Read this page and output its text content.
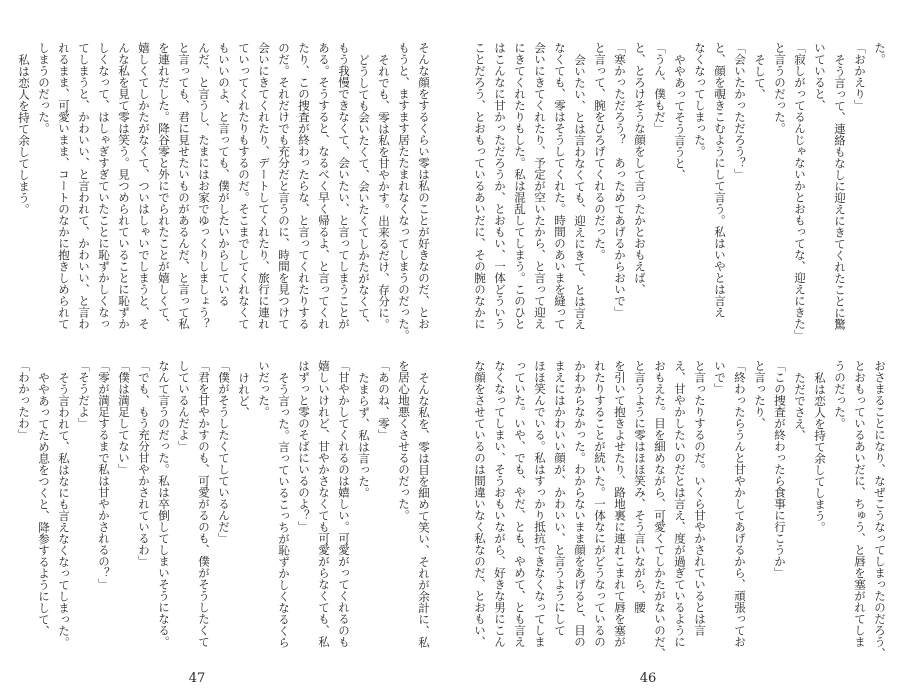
た。

「おかえり」

そう言って、連絡もなしに迎えにきてくれたことに驚

いていると、

「寂しがってるんじゃないかとおもってな、迎えにきた」

と言うのだった。

そして、

「会いたかっただろう？」

と、顔を覗きこむようにして言う。私はいやとは言え

なくなってしまった。

ややあってそう言うと、

「うん、僕もだ」

と、とろけそうな顔をして言ったかとおもえば、

「寒かっただろう？　あっためてあげるからおいで」

と言って、腕をひろげてくれるのだった。

会いたい、とは言わなくても、迎えにきて、とは言え

なくても、零はそうしてくれた。時間のあいまを縫って

会いにきてくれたり、予定が空いたから、と言って迎え

にきてくれたりもした。私は混乱してしまう。このひと

はこんなに甘かっただろうか、とおもい、一体どういう

ことだろう、とおもっているあいだに、その腕のなかに

おさまることになり、なぜこうなってしまったのだろう、

とおもっているあいだに、ちゅう、と唇を塞がれてしま

うのだった。

私は恋人を持て余してしまう。

ただでさえ、

「この捜査が終わったら食事に行こうか」

と言ったり、

「終わったらうんと甘やかしてあげるから、頑張ってお

いで」

と言ったりするのだ。いくら甘やかされているとは言

え、甘やかしたいのだとは言え、度が過ぎているように

おもえた。目を細めながら、可愛くてしかたがないのだ、

と言うように零はほほ笑み、そう言いながら、腰

を引いて抱きよせたり、路地裏に連れこまれて唇を塞が

れたりすることが続いた。一体なにがどうなっているの

かわからなかった。わからないまま顔をあげると、目の

まえにはかわいい顔が、かわいい、と言うようにして

ほほ笑んでいる。私はすっかり抵抗できなくなってしま

っていた。いや、でも、やだ、とも、やめて、とも言え

なくなってしまい、そうおもいながら、好きな男にこん

な顔をさせているのは間違いなく私なのだ、とおもい、

46

そんな顔をするくらい零は私のことが好きなのだ、とお

もうと、ますます居たたまれなくなってしまうのだった。

それでも、零は私を甘やかす。出来るだけ、存分に。

どうしても会いたくて、会いたくてしかたがなくて、

もう我慢できなくて、会いたい、と言ってしまうことが

ある。そうすると、なるべく早く帰るよ、と言ってくれ

たり、この捜査が終わったらな、と言ってくれたりする

のだ。それだけでも充分だと言うのに、時間を見つけて

会いにきてくれたり、デートしてくれたり、旅行に連れ

ていってくれたりもするのだ。そこまでしてくれなくて

もいいのよ、と言っても、僕がしたいからしている

んだ、と言うし、たまにはお家でゆっくりしましょう？

と言っても、君に見せたいものがあるんだ、と言って私

を連れだした。降谷零と外にでられたことが嬉しくて、

嬉しくてしかたがなくて、ついはしゃいでしまうと、そ

んな私を見て零は笑う。見つめられていることに恥ずか

しくなって、はしゃぎすぎていたことに恥ずかしくなっ

てしまうと、かわいい、と言われて、かわいい、と言わ

れるまま、可愛いまま、コートのなかに抱きしめられて

しまうのだった。

私は恋人を持て余してしまう。

そんな私を、零は目を細めて笑い、それが余計に、私

を居心地悪くさせるのだった。

「あのね、零」

たまらず、私は言った。

「甘やかしてくれるのは嬉しい。可愛がってくれるのも

嬉しいけれど、甘やかさなくても可愛がらなくても、私

はずっと零のそばにいるのよ？」

そう言った。言っているこっちが恥ずかしくなるくら

いだった。

けれど、

「僕がそうしたくてしているんだ」

「君を甘やかすのも、可愛がるのも、僕がそうしたくて

しているんだよ」

なんて言うのだった。私は卒倒してしまいそうになる。

「でも、もう充分甘やかされているわ」

「僕は満足してない」

「零が満足するまで私は甘やかされるの？」

「そうだよ」

そう言われて、私はなにも言えなくなってしまった。

ややあってため息をつくと、降参するようにして、

「わかったわ」

47
